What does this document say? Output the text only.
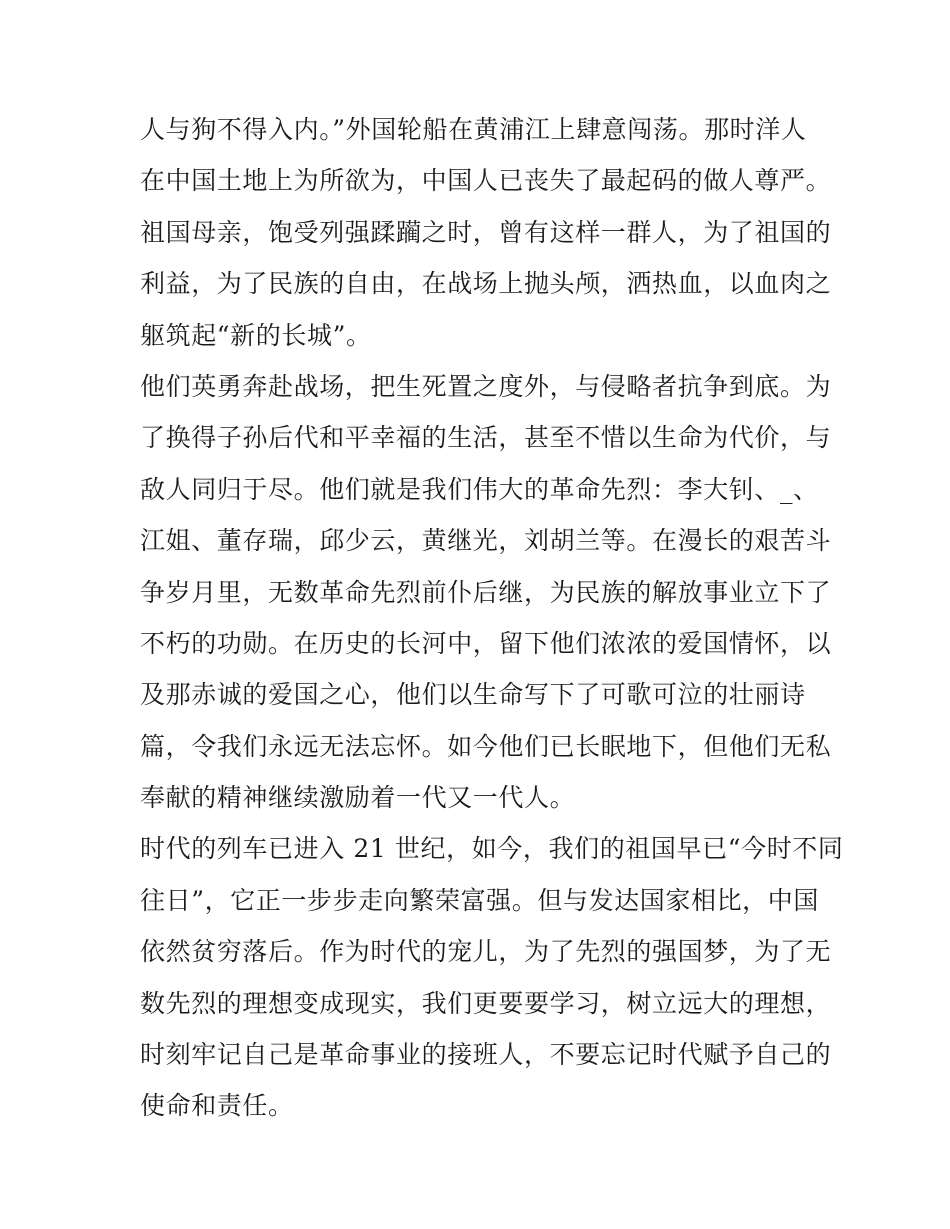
人与狗不得入内。”外国轮船在黄浦江上肆意闯荡。那时洋人
在中国土地上为所欲为，中国人已丧失了最起码的做人尊严。
祖国母亲，饱受列强蹂躏之时，曾有这样一群人，为了祖国的
利益，为了民族的自由，在战场上抛头颅，洒热血，以血肉之
躯筑起“新的长城”。
他们英勇奔赴战场，把生死置之度外，与侵略者抗争到底。为
了换得子孙后代和平幸福的生活，甚至不惜以生命为代价，与
敌人同归于尽。他们就是我们伟大的革命先烈：李大钊、_、
江姐、董存瑞，邱少云，黄继光，刘胡兰等。在漫长的艰苦斗
争岁月里，无数革命先烈前仆后继，为民族的解放事业立下了
不朽的功勋。在历史的长河中，留下他们浓浓的爱国情怀，以
及那赤诚的爱国之心，他们以生命写下了可歌可泣的壮丽诗
篇，令我们永远无法忘怀。如今他们已长眠地下，但他们无私
奉献的精神继续激励着一代又一代人。
时代的列车已进入 21 世纪，如今，我们的祖国早已“今时不同
往日”，它正一步步走向繁荣富强。但与发达国家相比，中国
依然贫穷落后。作为时代的宠儿，为了先烈的强国梦，为了无
数先烈的理想变成现实，我们更要要学习，树立远大的理想，
时刻牢记自己是革命事业的接班人，不要忘记时代赋予自己的
使命和责任。
